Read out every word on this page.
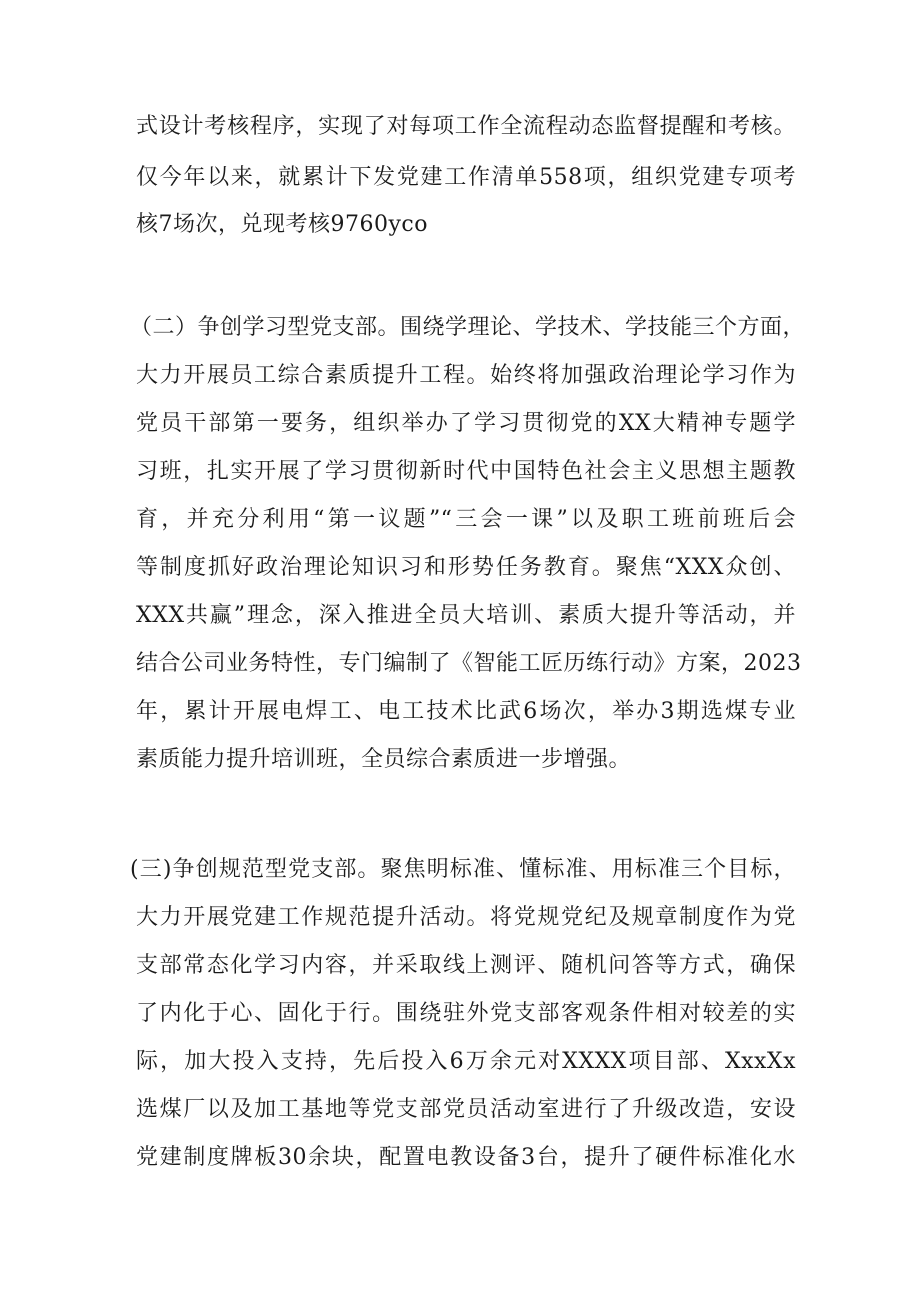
式设计考核程序，实现了对每项工作全流程动态监督提醒和考核。
仅今年以来，就累计下发党建工作清单558项，组织党建专项考
核7场次，兑现考核9760yco
（二）争创学习型党支部。围绕学理论、学技术、学技能三个方面，
大力开展员工综合素质提升工程。始终将加强政治理论学习作为
党员干部第一要务，组织举办了学习贯彻党的XX大精神专题学
习班，扎实开展了学习贯彻新时代中国特色社会主义思想主题教
育，并充分利用“第一议题”“三会一课”以及职工班前班后会
等制度抓好政治理论知识习和形势任务教育。聚焦“XXX众创、
XXX共赢”理念，深入推进全员大培训、素质大提升等活动，并
结合公司业务特性，专门编制了《智能工匠历练行动》方案，2023
年，累计开展电焊工、电工技术比武6场次，举办3期选煤专业
素质能力提升培训班，全员综合素质进一步增强。
(三)争创规范型党支部。聚焦明标准、懂标准、用标准三个目标，
大力开展党建工作规范提升活动。将党规党纪及规章制度作为党
支部常态化学习内容，并采取线上测评、随机问答等方式，确保
了内化于心、固化于行。围绕驻外党支部客观条件相对较差的实
际，加大投入支持，先后投入6万余元对XXXX项目部、XxxXx
选煤厂以及加工基地等党支部党员活动室进行了升级改造，安设
党建制度牌板30余块，配置电教设备3台，提升了硬件标准化水
